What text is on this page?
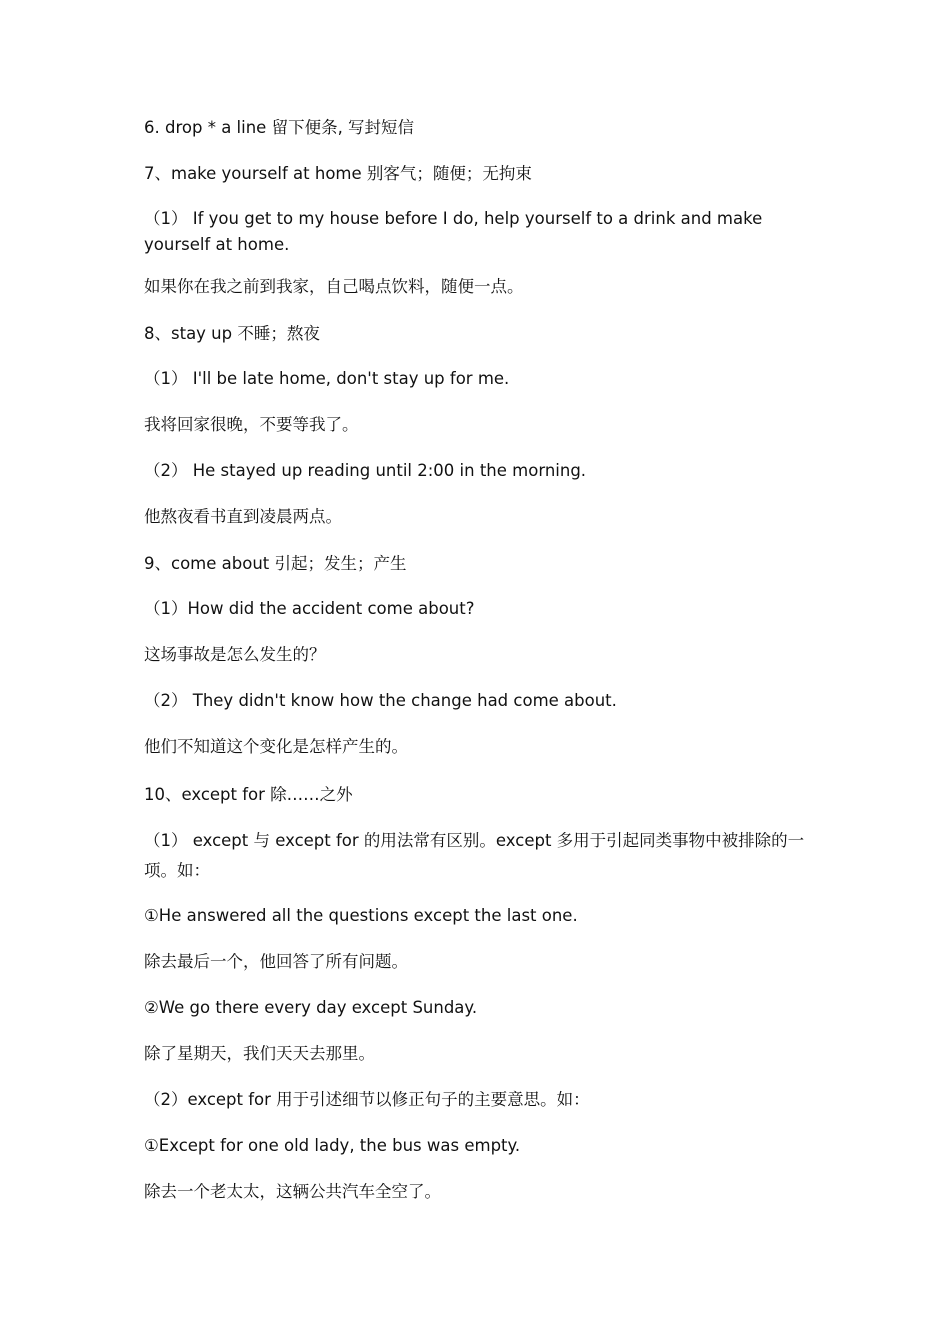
6. drop * a line 留下便条, 写封短信
7、make yourself at home 别客气；随便；无拘束
（1） If you get to my house before I do, help yourself to a drink and make yourself at home.
如果你在我之前到我家，自己喝点饮料，随便一点。
8、stay up 不睡；熬夜
（1） I'll be late home, don't stay up for me.
我将回家很晚，不要等我了。
（2） He stayed up reading until 2:00 in the morning.
他熬夜看书直到凌晨两点。
9、come about 引起；发生；产生
（1）How did the accident come about?
这场事故是怎么发生的？
（2） They didn't know how the change had come about.
他们不知道这个变化是怎样产生的。
10、except for 除……之外
（1） except 与 except for 的用法常有区别。except 多用于引起同类事物中被排除的一项。如：
①He answered all the questions except the last one.
除去最后一个，他回答了所有问题。
②We go there every day except Sunday.
除了星期天，我们天天去那里。
（2）except for 用于引述细节以修正句子的主要意思。如：
①Except for one old lady, the bus was empty.
除去一个老太太，这辆公共汽车全空了。
